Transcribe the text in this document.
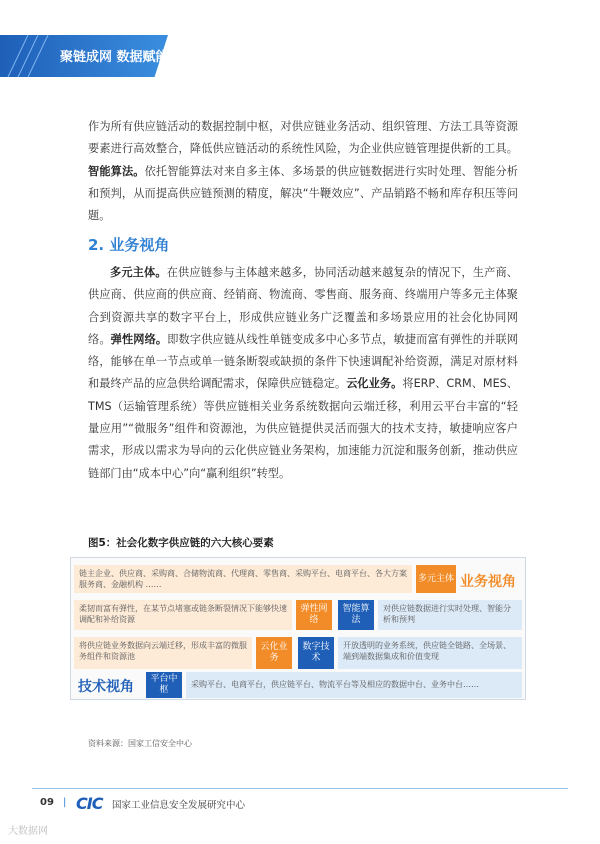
聚链成网 数据赋能
作为所有供应链活动的数据控制中枢，对供应链业务活动、组织管理、方法工具等资源要素进行高效整合，降低供应链活动的系统性风险，为企业供应链管理提供新的工具。智能算法。依托智能算法对来自多主体、多场景的供应链数据进行实时处理、智能分析和预判，从而提高供应链预测的精度，解决“牛鞭效应”、产品销路不畅和库存积压等问题。
2. 业务视角
多元主体。在供应链参与主体越来越多，协同活动越来越复杂的情况下，生产商、供应商、供应商的供应商、经销商、物流商、零售商、服务商、终端用户等多元主体聚合到资源共享的数字平台上，形成供应链业务广泛覆盖和多场景应用的社会化协同网络。弹性网络。即数字供应链从线性单链变成多中心多节点，敏捷而富有弹性的并联网络，能够在单一节点或单一链条断裂或缺损的条件下快速调配补给资源，满足对原材料和最终产品的应急供给调配需求，保障供应链稳定。云化业务。将ERP、CRM、MES、TMS（运输管理系统）等供应链相关业务系统数据向云端迁移，利用云平台丰富的“轻量应用”“微服务”组件和资源池，为供应链提供灵活而强大的技术支持，敏捷响应客户需求，形成以需求为导向的云化供应链业务架构，加速能力沉淀和服务创新，推动供应链部门由“成本中心”向“赢利组织”转型。
图5：社会化数字供应链的六大核心要素
链主企业、供应商、采购商、合储物流商、代理商、零售商、采购平台、电商平台、各大方案服务商、金融机构 ……
多元主体 业务视角
柔韧而富有弹性，在某节点堵塞或链条断裂情况下能够快速调配和补给资源
弹性网络
智能算法
对供应链数据进行实时处理、智能分析和预判
将供应链业务数据向云端迁移，形成丰富的微服务组件和资源池
云化业务
数字技术
开放透明的业务系统，供应链全链路、全场景、端到端数据集成和价值变现
技术视角	平台中枢
采购平台、电商平台，供应链平台、物流平台等及相应的数据中台、业务中台……
资料来源：国家工信安全中心
09 | CIC 国家工业信息安全发展研究中心
大数据网
